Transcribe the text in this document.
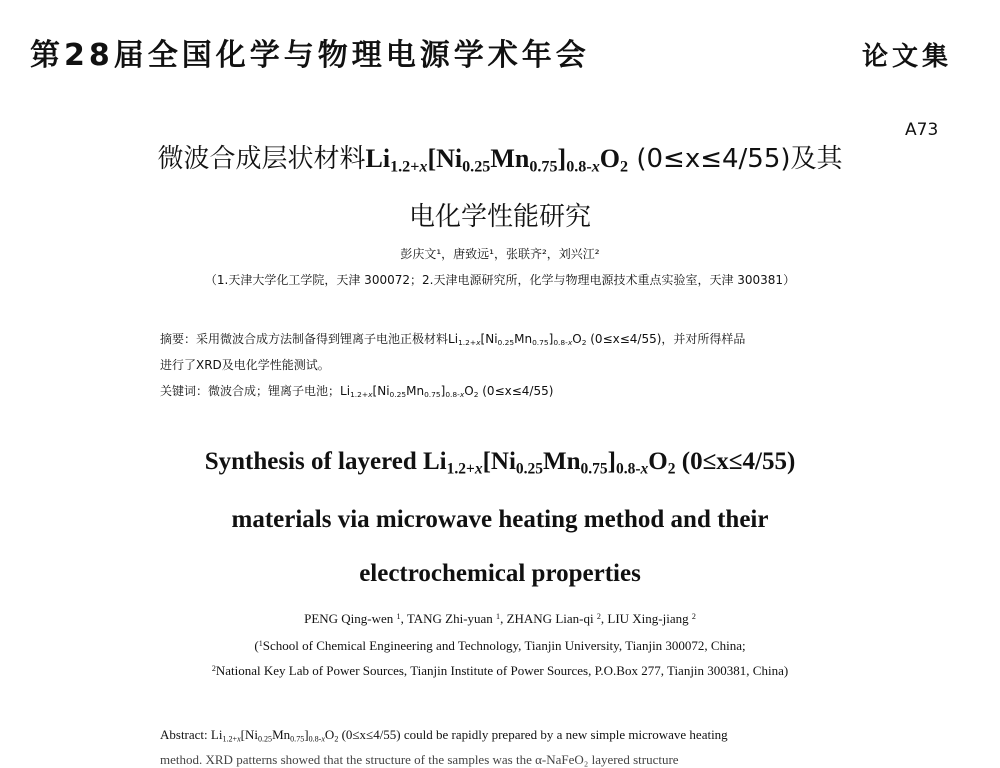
第28届全国化学与物理电源学术年会	论文集
A73
微波合成层状材料$Li_{1.2+x}[Ni_{0.25}Mn_{0.75}]_{0.8-x}O_2$ (0≤x≤4/55)及其
电化学性能研究
彭庆文¹，唐致远¹，张联齐²，刘兴江²
（1.天津大学化工学院，天津 300072；2.天津电源研究所，化学与物理电源技术重点实验室，天津 300381）
摘要：采用微波合成方法制备得到锂离子电池正极材料$Li_{1.2+x}[Ni_{0.25}Mn_{0.75}]_{0.8-x}O_2$ (0≤x≤4/55)，并对所得样品
进行了XRD及电化学性能测试。
关键词：微波合成；锂离子电池；$Li_{1.2+x}[Ni_{0.25}Mn_{0.75}]_{0.8-x}O_2$ (0≤x≤4/55)
Synthesis of layered $Li_{1.2+x}[Ni_{0.25}Mn_{0.75}]_{0.8-x}O_2$ (0≤x≤4/55)
materials via microwave heating method and their
electrochemical properties
PENG Qing-wen $^1$, TANG Zhi-yuan $^1$, ZHANG Lian-qi $^2$, LIU Xing-jiang $^2$
($^1$School of Chemical Engineering and Technology, Tianjin University, Tianjin 300072, China;
$^2$National Key Lab of Power Sources, Tianjin Institute of Power Sources, P.O.Box 277, Tianjin 300381, China)
Abstract: $Li_{1.2+x}[Ni_{0.25}Mn_{0.75}]_{0.8-x}O_2$ (0≤x≤4/55) could be rapidly prepared by a new simple microwave heating
method. XRD patterns showed that the structure of the samples was the α-NaFeO₂ layered structure
